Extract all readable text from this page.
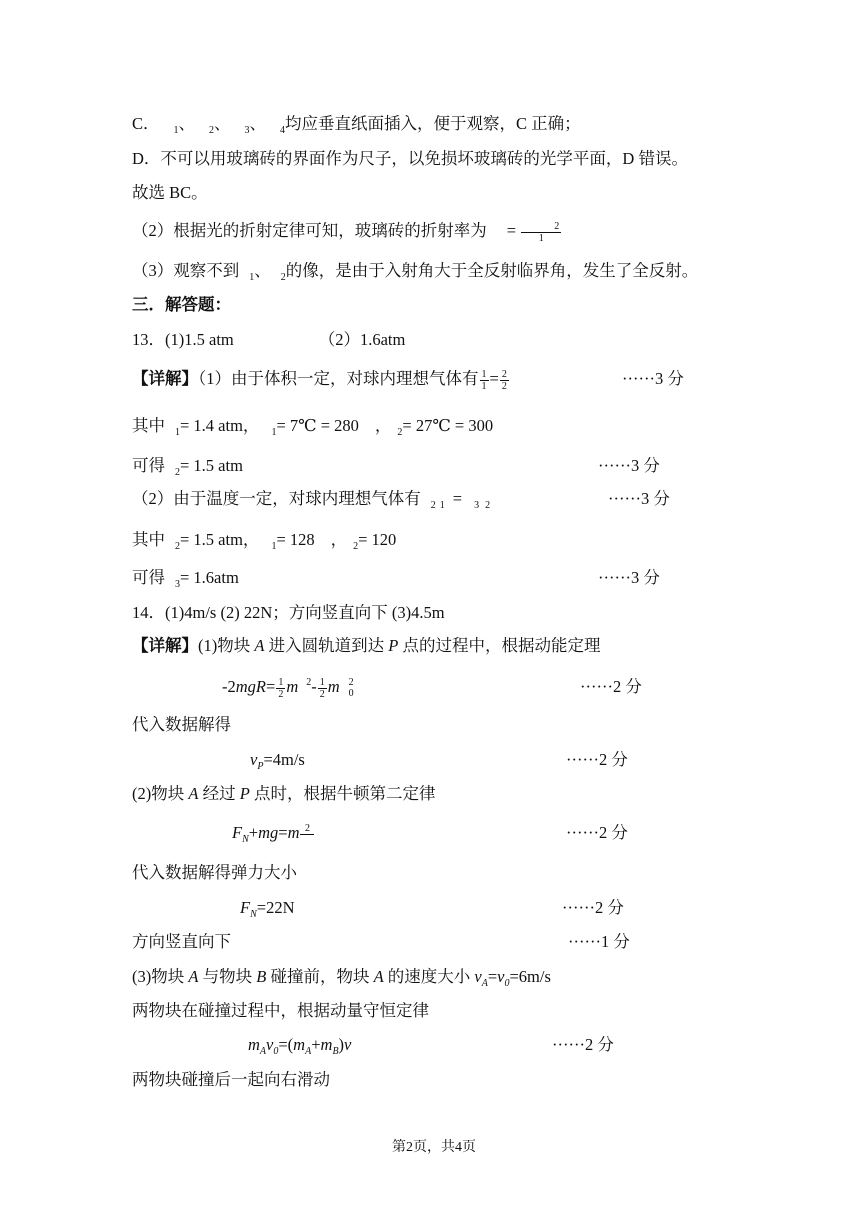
C． $_1$、 $_2$、 $_3$、 $_4$均应垂直纸面插入，便于观察，C 正确；
D．不可以用玻璃砖的界面作为尺子，以免损坏玻璃砖的光学平面，D 错误。
故选 BC。
（2）根据光的折射定律可知，玻璃砖的折射率为 = $\frac{2}{1}$
（3）观察不到 $_1$、 $_2$的像，是由于入射角大于全反射临界角，发生了全反射。
三．解答题：
13．(1)1.5 atm	（2）1.6atm
【详解】（1）由于体积一定，对球内理想气体有 $\frac{1}{1} = \frac{2}{2}$	······3 分
其中 $_1$= 1.4 atm， $_1$= 7℃ = 280 ， $_2$= 27℃ = 300
可得 $_2$= 1.5 atm	······3 分
（2）由于温度一定，对球内理想气体有 $_2$ $_1$ = $_3$ $_2$	······3 分
其中 $_2$= 1.5 atm， $_1$= 128 ， $_2$= 120
可得 $_3$= 1.6atm	······3 分
14．(1)4m/s (2) 22N；方向竖直向下 (3)4.5m
【详解】(1)物块 A 进入圆轨道到达 P 点的过程中，根据动能定理
$-2mgR= \frac{1}{2}$ m $^2- \frac{1}{2}$ m 2
0	······2 分
代入数据解得
$v_P=4m/s$	······2 分
(2)物块 A 经过 P 点时，根据牛顿第二定律
$F_N+mg=m$ 2
	······2 分
代入数据解得弹力大小
$F_N=22N$	······2 分
方向竖直向下	······1 分
(3)物块 A 与物块 B 碰撞前，物块 A 的速度大小 $v_A=v_0=6m/s$
两物块在碰撞过程中，根据动量守恒定律
$m_Av_0=(m_A+m_B)v$	······2 分
两物块碰撞后一起向右滑动
第2页，共4页
